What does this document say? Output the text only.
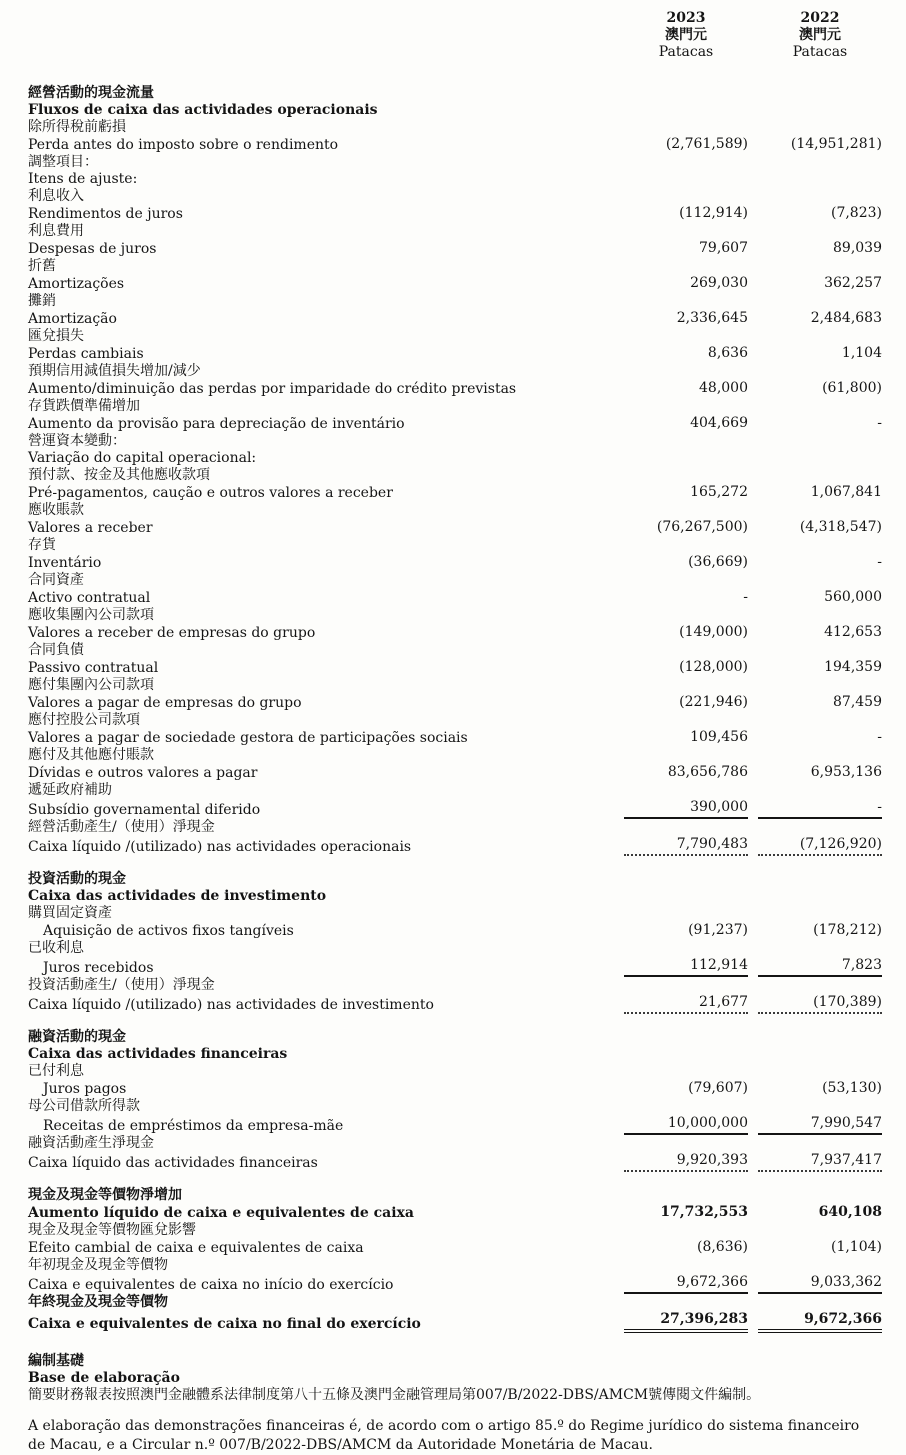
2023
澳門元
Patacas
2022
澳門元
Patacas
經營活動的現金流量
Fluxos de caixa das actividades operacionais
除所得稅前虧損
Perda antes do imposto sobre o rendimento	(2,761,589)	(14,951,281)
調整項目：
Itens de ajuste:
利息收入
Rendimentos de juros	(112,914)	(7,823)
利息費用
Despesas de juros	79,607	89,039
折舊
Amortizações	269,030	362,257
攤銷
Amortização	2,336,645	2,484,683
匯兌損失
Perdas cambiais	8,636	1,104
預期信用減值損失增加/減少
Aumento/diminuição das perdas por imparidade do crédito previstas	48,000	(61,800)
存貨跌價準備增加
Aumento da provisão para depreciação de inventário	404,669	-
營運資本變動：
Variação do capital operacional:
預付款、按金及其他應收款項
Pré-pagamentos, caução e outros valores a receber	165,272	1,067,841
應收賬款
Valores a receber	(76,267,500)	(4,318,547)
存貨
Inventário	(36,669)	-
合同資產
Activo contratual	-	560,000
應收集團內公司款項
Valores a receber de empresas do grupo	(149,000)	412,653
合同負債
Passivo contratual	(128,000)	194,359
應付集團內公司款項
Valores a pagar de empresas do grupo	(221,946)	87,459
應付控股公司款項
Valores a pagar de sociedade gestora de participações sociais	109,456	-
應付及其他應付賬款
Dívidas e outros valores a pagar	83,656,786	6,953,136
遞延政府補助
Subsídio governamental diferido	390,000	-
經營活動產生/（使用）淨現金
Caixa líquido /(utilizado) nas actividades operacionais	7,790,483	(7,126,920)
投資活動的現金
Caixa das actividades de investimento
購買固定資產
Aquisição de activos fixos tangíveis	(91,237)	(178,212)
已收利息
Juros recebidos	112,914	7,823
投資活動產生/（使用）淨現金
Caixa líquido /(utilizado) nas actividades de investimento	21,677	(170,389)
融資活動的現金
Caixa das actividades financeiras
已付利息
Juros pagos	(79,607)	(53,130)
母公司借款所得款
Receitas de empréstimos da empresa-mãe	10,000,000	7,990,547
融資活動產生淨現金
Caixa líquido das actividades financeiras	9,920,393	7,937,417
現金及現金等價物淨增加
Aumento líquido de caixa e equivalentes de caixa	17,732,553	640,108
現金及現金等價物匯兌影響
Efeito cambial de caixa e equivalentes de caixa	(8,636)	(1,104)
年初現金及現金等價物
Caixa e equivalentes de caixa no início do exercício	9,672,366	9,033,362
年終現金及現金等價物
Caixa e equivalentes de caixa no final do exercício	27,396,283	9,672,366
編制基礎
Base de elaboração
簡要財務報表按照澳門金融體系法律制度第八十五條及澳門金融管理局第007/B/2022-DBS/AMCM號傳閱文件編制。
A elaboração das demonstrações financeiras é, de acordo com o artigo 85.º do Regime jurídico do sistema financeiro de Macau, e a Circular n.º 007/B/2022-DBS/AMCM da Autoridade Monetária de Macau.
